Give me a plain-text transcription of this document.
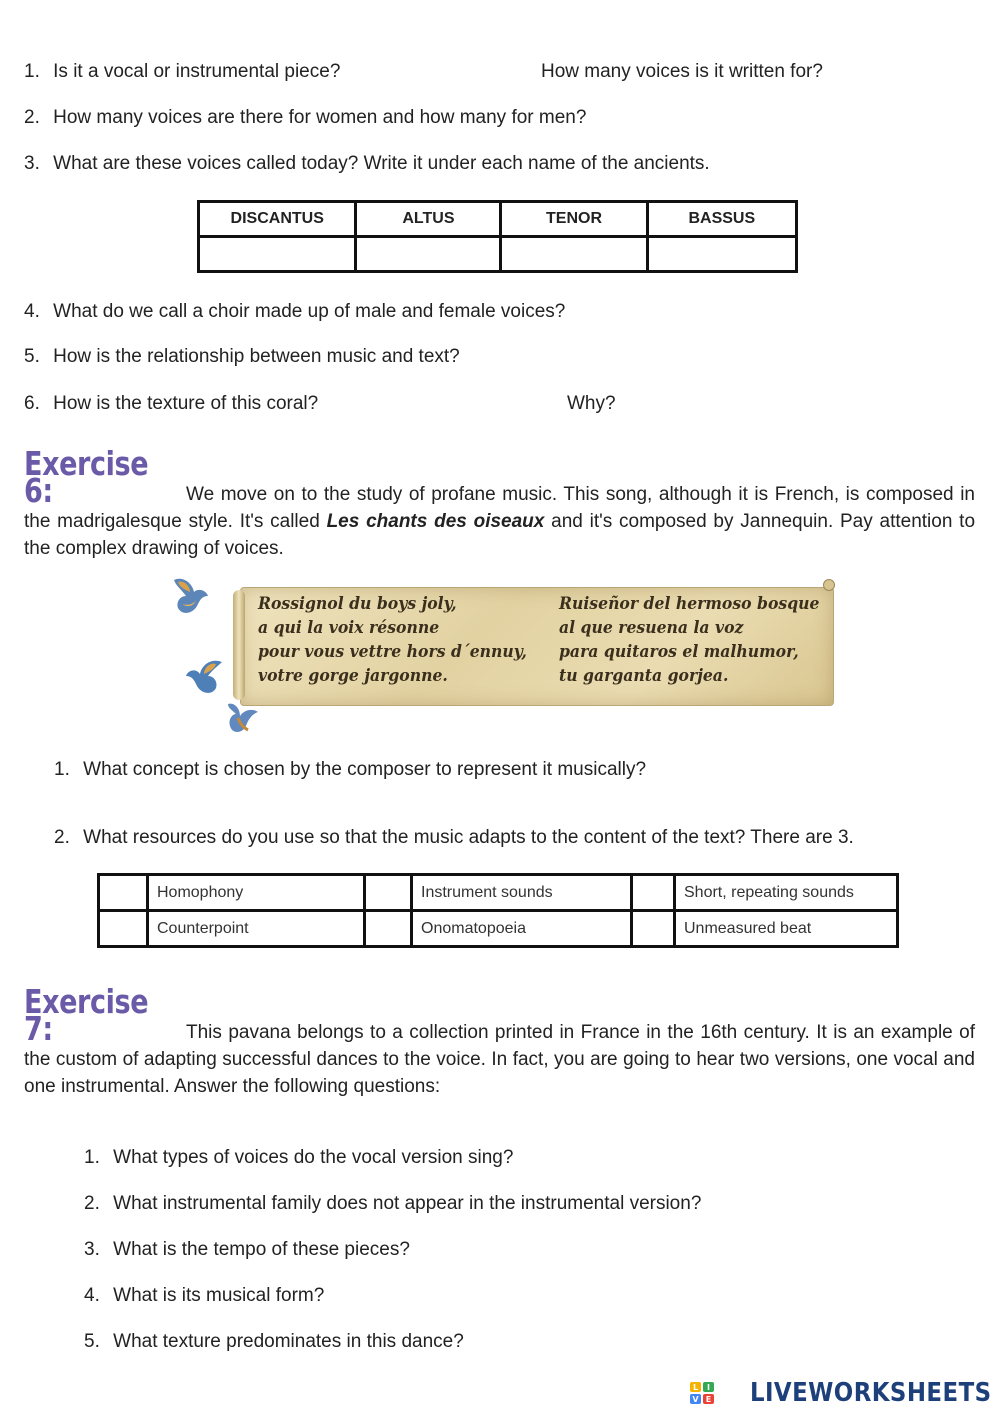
1. Is it a vocal or instrumental piece?	How many voices is it written for?
2. How many voices are there for women and how many for men?
3. What are these voices called today? Write it under each name of the ancients.
DISCANTUS	ALTUS	TENOR	BASSUS

4. What do we call a choir made up of male and female voices?
5. How is the relationship between music and text?
6. How is the texture of this coral?	Why?
Exercise 6:	We move on to the study of profane music. This song, although it is French, is composed in the madrigalesque style. It's called Les chants des oiseaux and it's composed by Jannequin. Pay attention to the complex drawing of voices.
Rossignol du boys joly,
a qui la voix résonne
pour vous vettre hors d´ennuy,
votre gorge jargonne.
Ruiseñor del hermoso bosque
al que resuena la voz
para quitaros el malhumor,
tu garganta gorjea.
1. What concept is chosen by the composer to represent it musically?
2. What resources do you use so that the music adapts to the content of the text? There are 3.
	Homophony		Instrument sounds		Short, repeating sounds
	Counterpoint		Onomatopoeia		Unmeasured beat
Exercise 7:	This pavana belongs to a collection printed in France in the 16th century. It is an example of the custom of adapting successful dances to the voice. In fact, you are going to hear two versions, one vocal and one instrumental. Answer the following questions:
1. What types of voices do the vocal version sing?
2. What instrumental family does not appear in the instrumental version?
3. What is the tempo of these pieces?
4. What is its musical form?
5. What texture predominates in this dance?
L I
V E LIVEWORKSHEETS
